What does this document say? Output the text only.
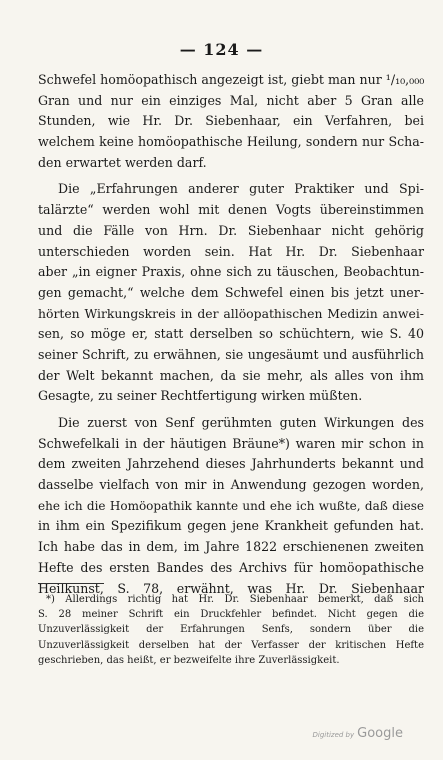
— 124 —
Schwefel homöopathisch angezeigt ist, giebt man nur ¹/₁₀,₀₀₀
Gran und nur ein einziges Mal, nicht aber 5 Gran alle
Stunden, wie Hr. Dr. Siebenhaar, ein Verfahren, bei
welchem keine homöopathische Heilung, sondern nur Scha-
den erwartet werden darf.
Die „Erfahrungen anderer guter Praktiker und Spi-
talärzte“ werden wohl mit denen Vogts übereinstimmen
und die Fälle von Hrn. Dr. Siebenhaar nicht gehörig
unterschieden worden sein. Hat Hr. Dr. Siebenhaar
aber „in eigner Praxis, ohne sich zu täuschen, Beobachtun-
gen gemacht,“ welche dem Schwefel einen bis jetzt uner-
hörten Wirkungskreis in der allöopathischen Medizin anwei-
sen, so möge er, statt derselben so schüchtern, wie S. 40
seiner Schrift, zu erwähnen, sie ungesäumt und ausführlich
der Welt bekannt machen, da sie mehr, als alles von ihm
Gesagte, zu seiner Rechtfertigung wirken müßten.
Die zuerst von Senf gerühmten guten Wirkungen des
Schwefelkali in der häutigen Bräune*) waren mir schon in
dem zweiten Jahrzehend dieses Jahrhunderts bekannt und
dasselbe vielfach von mir in Anwendung gezogen worden,
ehe ich die Homöopathik kannte und ehe ich wußte, daß diese
in ihm ein Spezifikum gegen jene Krankheit gefunden hat.
Ich habe das in dem, im Jahre 1822 erschienenen zweiten
Hefte des ersten Bandes des Archivs für homöopathische
Heilkunst, S. 78, erwähnt, was Hr. Dr. Siebenhaar
*) Allerdings richtig hat Hr. Dr. Siebenhaar bemerkt, daß sich
S. 28 meiner Schrift ein Druckfehler befindet. Nicht gegen die
Unzuverlässigkeit der Erfahrungen Senfs, sondern über die
Unzuverlässigkeit derselben hat der Verfasser der kritischen Hefte
geschrieben, das heißt, er bezweifelte ihre Zuverlässigkeit.
Digitized by Google
